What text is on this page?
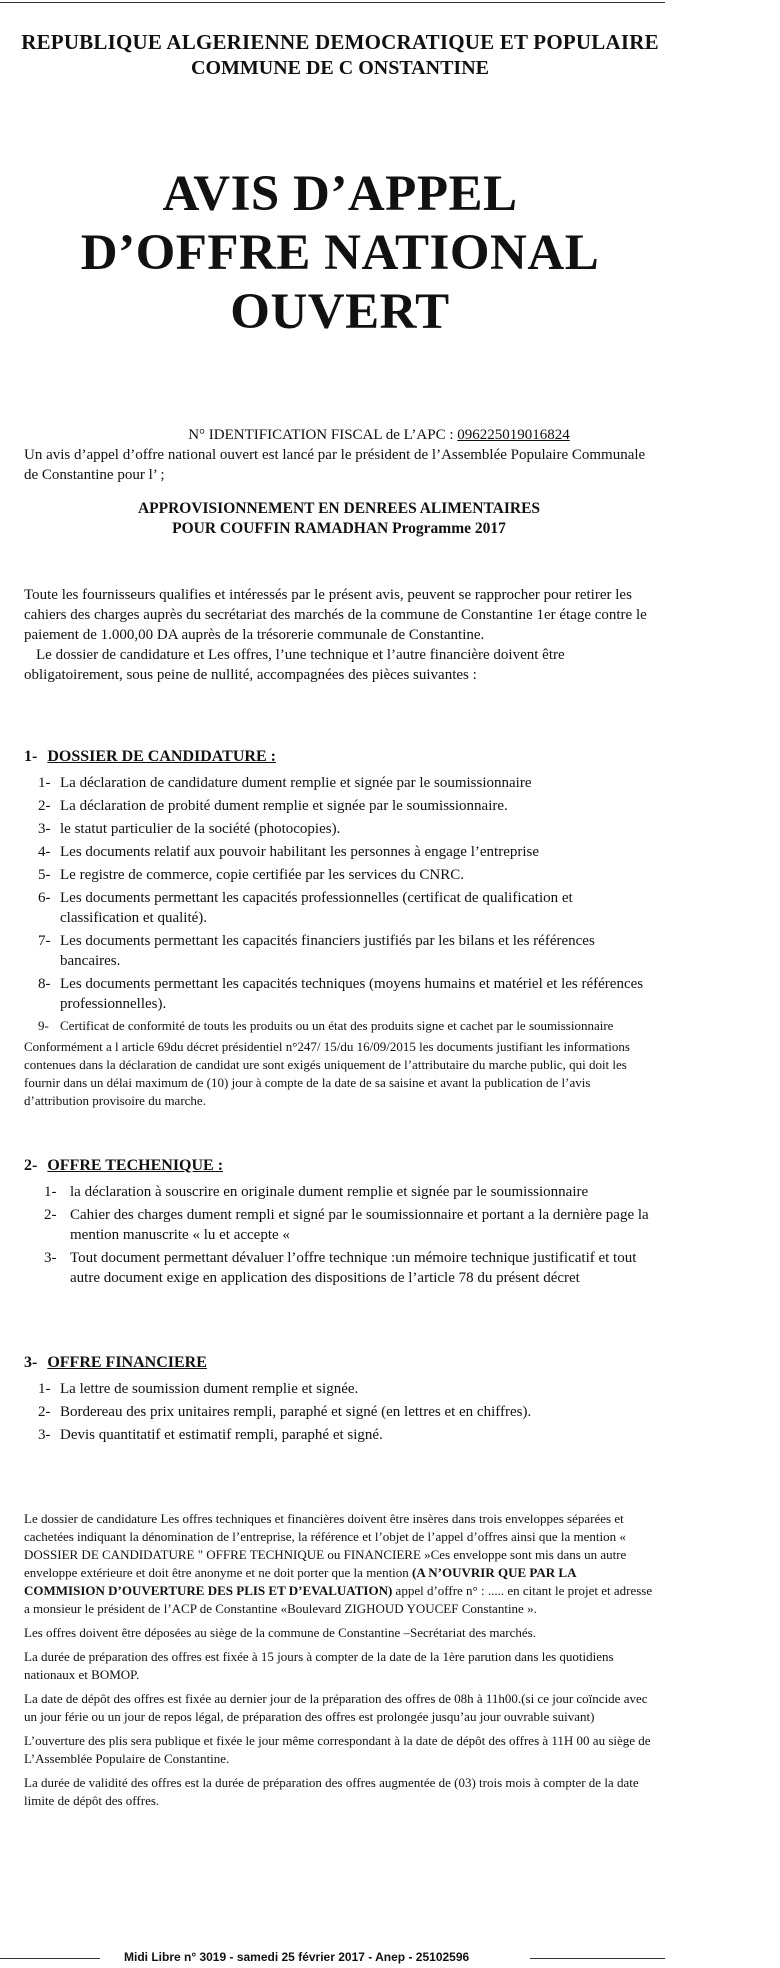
REPUBLIQUE ALGERIENNE DEMOCRATIQUE ET POPULAIRE
COMMUNE DE C ONSTANTINE
AVIS D’APPEL
D’OFFRE NATIONAL
OUVERT
N° IDENTIFICATION FISCAL de L’APC : 096225019016824

Un avis d’appel d’offre national ouvert est lancé par le président de l’Assemblée Populaire Communale de Constantine pour l’ ;

APPROVISIONNEMENT EN DENREES ALIMENTAIRES
POUR COUFFIN RAMADHAN Programme 2017

Toute les fournisseurs qualifies et intéressés par le présent avis, peuvent se rapprocher pour retirer les cahiers des charges auprès du secrétariat des marchés de la commune de Constantine 1er étage contre le paiement de 1.000,00 DA auprès de la trésorerie communale de Constantine.

Le dossier de candidature et Les offres, l’une technique et l’autre financière doivent être obligatoirement, sous peine de nullité, accompagnées des pièces suivantes :

1- DOSSIER DE CANDIDATURE :
1- La déclaration de candidature dument remplie et signée par le soumissionnaire
2- La déclaration de probité dument remplie et signée par le soumissionnaire.
3- le statut particulier de la société (photocopies).
4- Les documents relatif aux pouvoir habilitant les personnes à engage l’entreprise
5- Le registre de commerce, copie certifiée par les services du CNRC.
6- Les documents permettant les capacités professionnelles (certificat de qualification et classification et qualité).
7- Les documents permettant les capacités financiers justifiés par les bilans et les références bancaires.
8- Les documents permettant les capacités techniques (moyens humains et matériel et les références professionnelles).
9- Certificat de conformité de touts les produits ou un état des produits signe et cachet par le soumissionnaire

Conformément a l article 69du décret présidentiel n°247/ 15/du 16/09/2015 les documents justifiant les informations contenues dans la déclaration de candidat ure sont exigés uniquement de l’attributaire du marche public, qui doit les fournir dans un délai maximum de (10) jour à compte de la date de sa saisine et avant la publication de l’avis d’attribution provisoire du marche.

2- OFFRE TECHENIQUE :
1- la déclaration à souscrire en originale dument remplie et signée par le soumissionnaire
2- Cahier des charges dument rempli et signé par le soumissionnaire et portant a la dernière page la mention manuscrite « lu et accepte «
3- Tout document permettant dévaluer l’offre technique :un mémoire technique justificatif et tout autre document exige en application des dispositions de l’article 78 du présent décret
3- OFFRE FINANCIERE
1- La lettre de soumission dument remplie et signée.
2- Bordereau des prix unitaires rempli, paraphé et signé (en lettres et en chiffres).
3- Devis quantitatif et estimatif rempli, paraphé et signé.

Le dossier de candidature Les offres techniques et financières doivent être insères dans trois enveloppes séparées et cachetées indiquant la dénomination de l’entreprise, la référence et l’objet de l’appel d’offres ainsi que la mention « DOSSIER DE CANDIDATURE " OFFRE TECHNIQUE ou FINANCIERE »Ces enveloppe sont mis dans un autre enveloppe extérieure et doit être anonyme et ne doit porter que la mention (A N’OUVRIR QUE PAR LA COMMISION D’OUVERTURE DES PLIS ET D’EVALUATION) appel d’offre n° : ..... en citant le projet et adresse a monsieur le président de l’ACP de Constantine «Boulevard ZIGHOUD YOUCEF Constantine ».

Les offres doivent être déposées au siège de la commune de Constantine –Secrétariat des marchés.

La durée de préparation des offres est fixée à 15 jours à compter de la date de la 1ère parution dans les quotidiens nationaux et BOMOP.

La date de dépôt des offres est fixée au dernier jour de la préparation des offres de 08h à 11h00.(si ce jour coïncide avec un jour férie ou un jour de repos légal, de préparation des offres est prolongée jusqu’au jour ouvrable suivant)

L’ouverture des plis sera publique et fixée le jour même correspondant à la date de dépôt des offres à 11H 00 au siège de L’Assemblée Populaire de Constantine.

La durée de validité des offres est la durée de préparation des offres augmentée de (03) trois mois à compter de la date limite de dépôt des offres.

Midi Libre n° 3019 - samedi 25 février 2017 - Anep - 25102596
